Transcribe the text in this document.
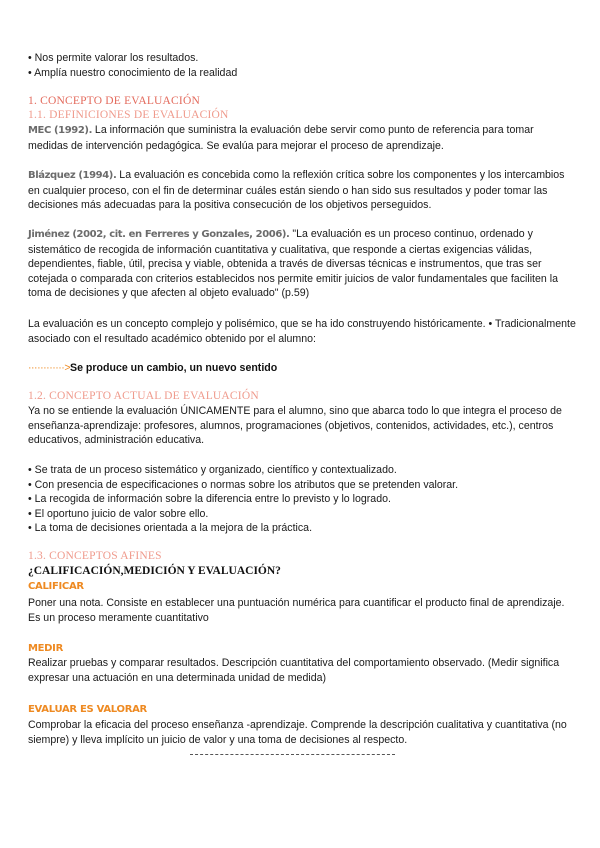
• Nos permite valorar los resultados.

• Amplía nuestro conocimiento de la realidad

1. CONCEPTO DE EVALUACIÓN
1.1. DEFINICIONES DE EVALUACIÓN

MEC (1992). La información que suministra la evaluación debe servir como punto de referencia para tomar medidas de intervención pedagógica. Se evalúa para mejorar el proceso de aprendizaje.

Blázquez (1994). La evaluación es concebida como la reflexión crítica sobre los componentes y los intercambios en cualquier proceso, con el fin de determinar cuáles están siendo o han sido sus resultados y poder tomar las decisiones más adecuadas para la positiva consecución de los objetivos perseguidos.

Jiménez (2002, cit. en Ferreres y Gonzales, 2006). "La evaluación es un proceso continuo, ordenado y sistemático de recogida de información cuantitativa y cualitativa, que responde a ciertas exigencias válidas, dependientes, fiable, útil, precisa y viable, obtenida a través de diversas técnicas e instrumentos, que tras ser cotejada o comparada con criterios establecidos nos permite emitir juicios de valor fundamentales que faciliten la toma de decisiones y que afecten al objeto evaluado" (p.59)

La evaluación es un concepto complejo y polisémico, que se ha ido construyendo históricamente. • Tradicionalmente asociado con el resultado académico obtenido por el alumno:
············>Se produce un cambio, un nuevo sentido
1.2. CONCEPTO ACTUAL DE EVALUACIÓN
Ya no se entiende la evaluación ÚNICAMENTE para el alumno, sino que abarca todo lo que integra el proceso de enseñanza-aprendizaje: profesores, alumnos, programaciones (objetivos, contenidos, actividades, etc.), centros educativos, administración educativa.

• Se trata de un proceso sistemático y organizado, científico y contextualizado.

• Con presencia de especificaciones o normas sobre los atributos que se pretenden valorar.

• La recogida de información sobre la diferencia entre lo previsto y lo logrado.

• El oportuno juicio de valor sobre ello.

• La toma de decisiones orientada a la mejora de la práctica.

1.3. CONCEPTOS AFINES
¿CALIFICACIÓN,MEDICIÓN Y EVALUACIÓN?
CALIFICAR
Poner una nota. Consiste en establecer una puntuación numérica para cuantificar el producto final de aprendizaje. Es un proceso meramente cuantitativo
MEDIR
Realizar pruebas y comparar resultados. Descripción cuantitativa del comportamiento observado. (Medir significa expresar una actuación en una determinada unidad de medida)
EVALUAR ES VALORAR
Comprobar la eficacia del proceso enseñanza -aprendizaje. Comprende la descripción cualitativa y cuantitativa (no siempre) y lleva implícito un juicio de valor y una toma de decisiones al respecto.
